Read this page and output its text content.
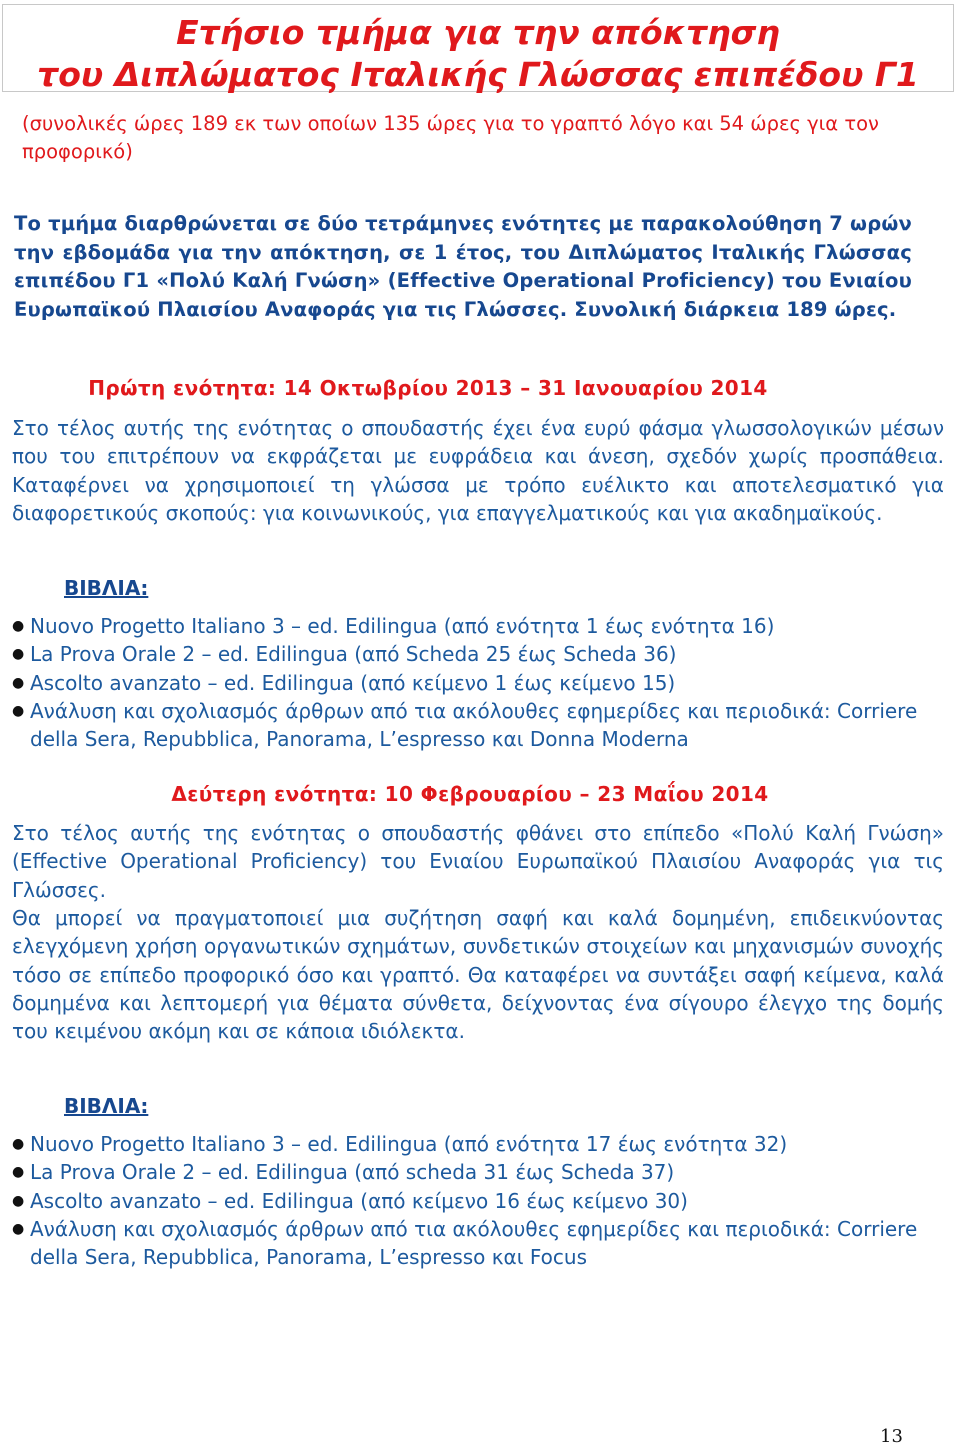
Ετήσιο τμήμα για την απόκτηση
του Διπλώματος Ιταλικής Γλώσσας επιπέδου Γ1
(συνολικές ώρες 189 εκ των οποίων 135 ώρες για το γραπτό λόγο και 54 ώρες για τον προφορικό)
Το τμήμα διαρθρώνεται σε δύο τετράμηνες ενότητες με παρακολούθηση 7 ωρών την εβδομάδα για την απόκτηση, σε 1 έτος, του Διπλώματος Ιταλικής Γλώσσας επιπέδου Γ1 «Πολύ Καλή Γνώση» (Effective Operational Proficiency) του Ενιαίου Ευρωπαϊκού Πλαισίου Αναφοράς για τις Γλώσσες. Συνολική διάρκεια 189 ώρες.
Πρώτη ενότητα: 14 Οκτωβρίου 2013 – 31 Ιανουαρίου 2014
Στο τέλος αυτής της ενότητας ο σπουδαστής έχει ένα ευρύ φάσμα γλωσσολογικών μέσων που του επιτρέπουν να εκφράζεται με ευφράδεια και άνεση, σχεδόν χωρίς προσπάθεια. Καταφέρνει να χρησιμοποιεί τη γλώσσα με τρόπο ευέλικτο και αποτελεσματικό για διαφορετικούς σκοπούς: για κοινωνικούς, για επαγγελματικούς και για ακαδημαϊκούς.
ΒΙΒΛΙΑ:
● Nuovo Progetto Italiano 3 – ed. Edilingua (από ενότητα 1 έως ενότητα 16)
● La Prova Orale 2 – ed. Edilingua (από Scheda 25 έως Scheda 36)
● Ascolto avanzato – ed. Edilingua (από κείμενο 1 έως κείμενο 15)
● Ανάλυση και σχολιασμός άρθρων από τια ακόλουθες εφημερίδες και περιοδικά: Corriere della Sera, Repubblica, Panorama, L’espresso και Donna Moderna
Δεύτερη ενότητα: 10 Φεβρουαρίου – 23 Μαΐου 2014
Στο τέλος αυτής της ενότητας ο σπουδαστής φθάνει στο επίπεδο «Πολύ Καλή Γνώση» (Effective Operational Proficiency) του Ενιαίου Ευρωπαϊκού Πλαισίου Αναφοράς για τις Γλώσσες.
Θα μπορεί να πραγματοποιεί μια συζήτηση σαφή και καλά δομημένη, επιδεικνύοντας ελεγχόμενη χρήση οργανωτικών σχημάτων, συνδετικών στοιχείων και μηχανισμών συνοχής τόσο σε επίπεδο προφορικό όσο και γραπτό. Θα καταφέρει να συντάξει σαφή κείμενα, καλά δομημένα και λεπτομερή για θέματα σύνθετα, δείχνοντας ένα σίγουρο έλεγχο της δομής του κειμένου ακόμη και σε κάποια ιδιόλεκτα.
ΒΙΒΛΙΑ:
● Nuovo Progetto Italiano 3 – ed. Edilingua (από ενότητα 17 έως ενότητα 32)
● La Prova Orale 2 – ed. Edilingua (από scheda 31 έως Scheda 37)
● Ascolto avanzato – ed. Edilingua (από κείμενο 16 έως κείμενο 30)
● Ανάλυση και σχολιασμός άρθρων από τια ακόλουθες εφημερίδες και περιοδικά: Corriere della Sera, Repubblica, Panorama, L’espresso και Focus
13
